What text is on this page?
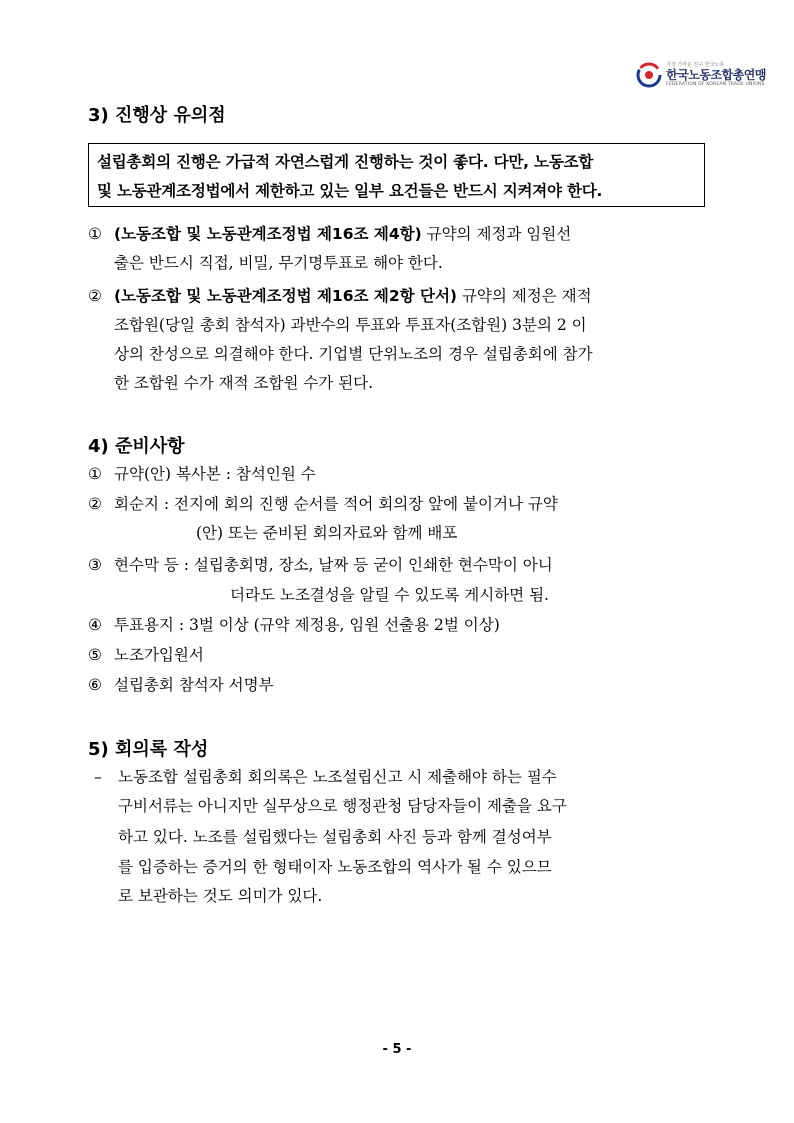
가장 가까운 친구 한국노총
한국노동조합총연맹
FEDERATION OF KOREAN TRADE UNIONS
3) 진행상 유의점
설립총회의 진행은 가급적 자연스럽게 진행하는 것이 좋다. 다만, 노동조합
및 노동관계조정법에서 제한하고 있는 일부 요건들은 반드시 지켜져야 한다.
① (노동조합 및 노동관계조정법 제16조 제4항) 규약의 제정과 임원선
출은 반드시 직접, 비밀, 무기명투표로 해야 한다.
② (노동조합 및 노동관계조정법 제16조 제2항 단서) 규약의 제정은 재적
조합원(당일 총회 참석자) 과반수의 투표와 투표자(조합원) 3분의 2 이
상의 찬성으로 의결해야 한다. 기업별 단위노조의 경우 설립총회에 참가
한 조합원 수가 재적 조합원 수가 된다.
4) 준비사항
① 규약(안) 복사본 : 참석인원 수
② 회순지 : 전지에 회의 진행 순서를 적어 회의장 앞에 붙이거나 규약
(안) 또는 준비된 회의자료와 함께 배포
③ 현수막 등 : 설립총회명, 장소, 날짜 등 굳이 인쇄한 현수막이 아니
더라도 노조결성을 알릴 수 있도록 게시하면 됨.
④ 투표용지 : 3벌 이상 (규약 제정용, 임원 선출용 2벌 이상)
⑤ 노조가입원서
⑥ 설립총회 참석자 서명부
5) 회의록 작성
– 노동조합 설립총회 회의록은 노조설립신고 시 제출해야 하는 필수
구비서류는 아니지만 실무상으로 행정관청 담당자들이 제출을 요구
하고 있다. 노조를 설립했다는 설립총회 사진 등과 함께 결성여부
를 입증하는 증거의 한 형태이자 노동조합의 역사가 될 수 있으므
로 보관하는 것도 의미가 있다.
- 5 -
